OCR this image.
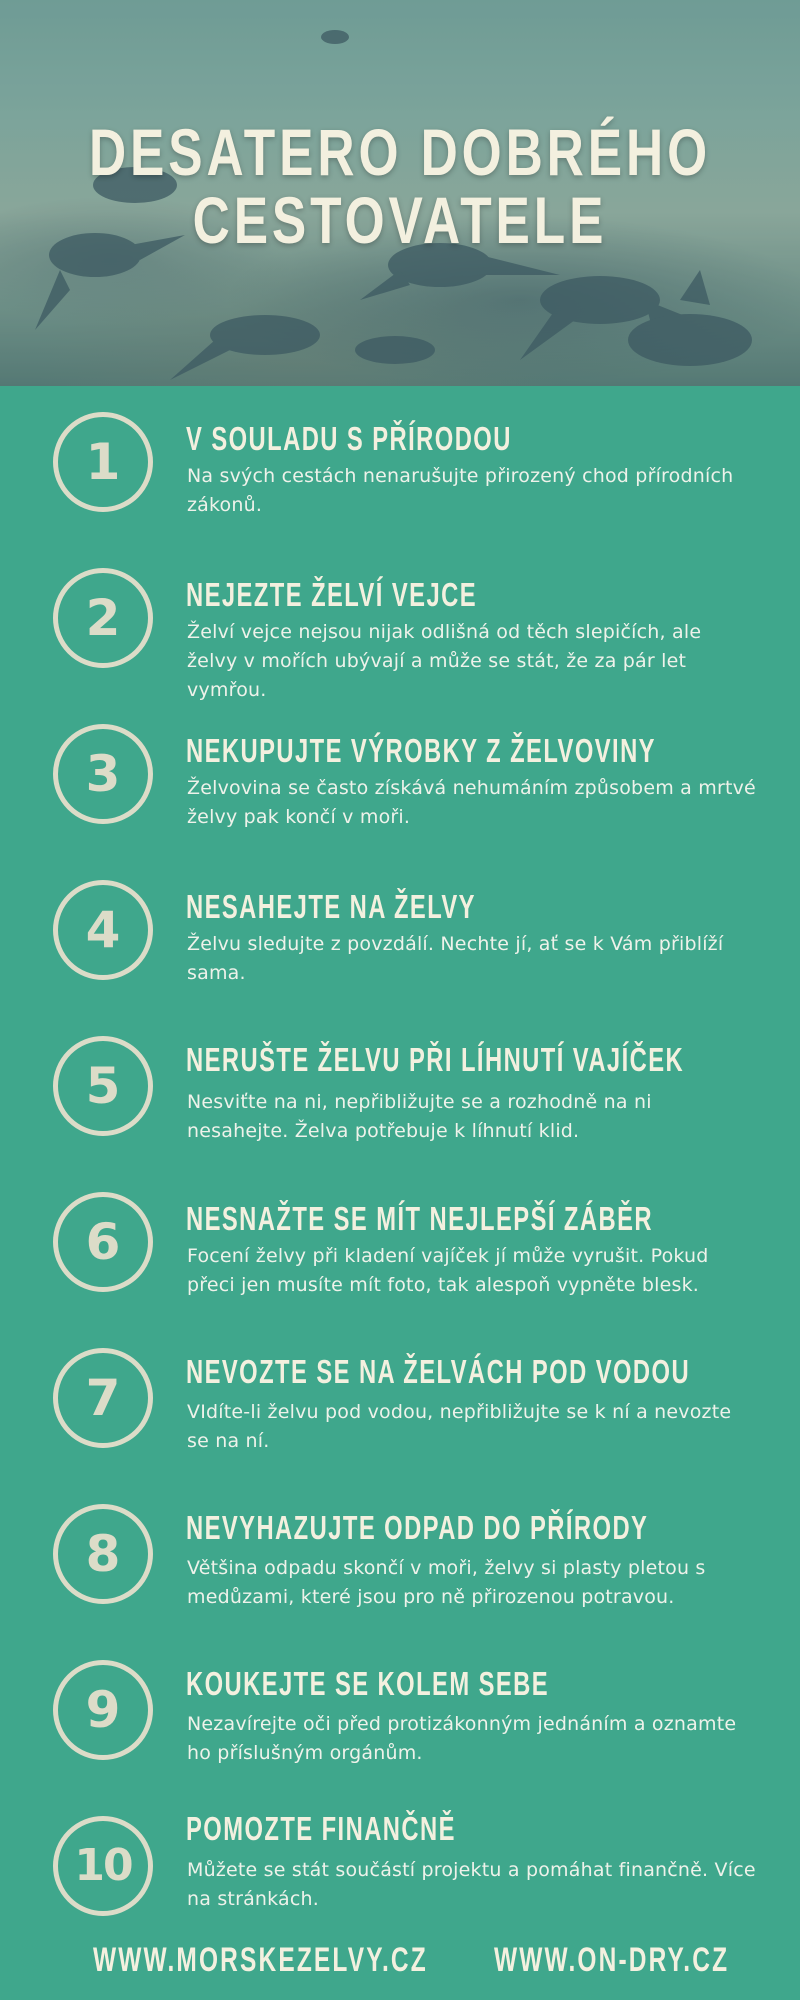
DESATERO DOBRÉHO
CESTOVATELE
1 V SOULADU S PŘÍRODOU
Na svých cestách nenarušujte přirozený chod přírodních zákonů.
2 NEJEZTE ŽELVÍ VEJCE
Želví vejce nejsou nijak odlišná od těch slepičích, ale želvy v mořích ubývají a může se stát, že za pár let vymřou.
3 NEKUPUJTE VÝROBKY Z ŽELVOVINY
Želvovina se často získává nehumáním způsobem a mrtvé želvy pak končí v moři.
4 NESAHEJTE NA ŽELVY
Želvu sledujte z povzdálí. Nechte jí, ať se k Vám přiblíží sama.
5 NERUŠTE ŽELVU PŘI LÍHNUTÍ VAJÍČEK
Nesviťte na ni, nepřibližujte se a rozhodně na ni nesahejte. Želva potřebuje k líhnutí klid.
6 NESNAŽTE SE MÍT NEJLEPŠÍ ZÁBĚR
Focení želvy při kladení vajíček jí může vyrušit. Pokud přeci jen musíte mít foto, tak alespoň vypněte blesk.
7 NEVOZTE SE NA ŽELVÁCH POD VODOU
VIdíte-li želvu pod vodou, nepřibližujte se k ní a nevozte se na ní.
8 NEVYHAZUJTE ODPAD DO PŘÍRODY
Většina odpadu skončí v moři, želvy si plasty pletou s medůzami, které jsou pro ně přirozenou potravou.
9 KOUKEJTE SE KOLEM SEBE
Nezavírejte oči před protizákonným jednáním a oznamte ho příslušným orgánům.
10
POMOZTE FINANČNĚ
Můžete se stát součástí projektu a pomáhat finančně. Více na stránkách.
WWW.MORSKEZELVY.CZ WWW.ON-DRY.CZ
